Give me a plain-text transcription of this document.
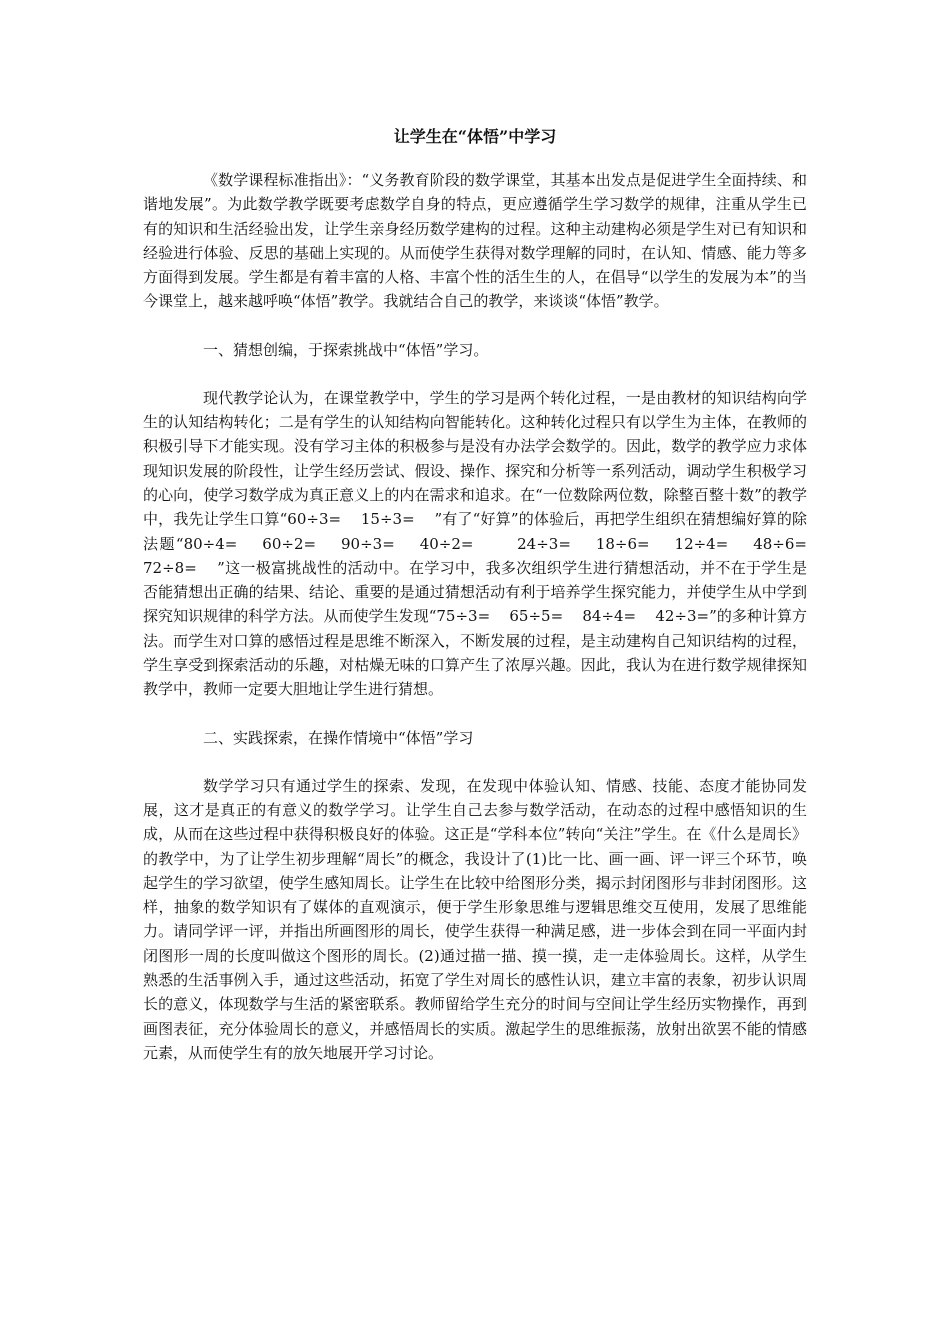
让学生在“体悟”中学习

《数学课程标准指出》：“义务教育阶段的数学课堂，其基本出发点是促进学生全面持续、和谐地发展”。为此数学教学既要考虑数学自身的特点，更应遵循学生学习数学的规律，注重从学生已有的知识和生活经验出发，让学生亲身经历数学建构的过程。这种主动建构必须是学生对已有知识和经验进行体验、反思的基础上实现的。从而使学生获得对数学理解的同时，在认知、情感、能力等多方面得到发展。学生都是有着丰富的人格、丰富个性的活生生的人，在倡导“以学生的发展为本”的当今课堂上，越来越呼唤“体悟”教学。我就结合自己的教学，来谈谈“体悟”教学。

一、猜想创编，于探索挑战中“体悟”学习。

现代教学论认为，在课堂教学中，学生的学习是两个转化过程，一是由教材的知识结构向学生的认知结构转化；二是有学生的认知结构向智能转化。这种转化过程只有以学生为主体，在教师的积极引导下才能实现。没有学习主体的积极参与是没有办法学会数学的。因此，数学的教学应力求体现知识发展的阶段性，让学生经历尝试、假设、操作、探究和分析等一系列活动，调动学生积极学习的心向，使学习数学成为真正意义上的内在需求和追求。在“一位数除两位数，除整百整十数”的教学中，我先让学生口算“60÷3=    15÷3=    ”有了“好算”的体验后，再把学生组织在猜想编好算的除法题“80÷4=    60÷2=    90÷3=    40÷2=       24÷3=    18÷6=    12÷4=    48÷6=    72÷8=    ”这一极富挑战性的活动中。在学习中，我多次组织学生进行猜想活动，并不在于学生是否能猜想出正确的结果、结论、重要的是通过猜想活动有利于培养学生探究能力，并使学生从中学到探究知识规律的科学方法。从而使学生发现“75÷3=    65÷5=    84÷4=    42÷3=”的多种计算方法。而学生对口算的感悟过程是思维不断深入，不断发展的过程，是主动建构自己知识结构的过程，学生享受到探索活动的乐趣，对枯燥无味的口算产生了浓厚兴趣。因此，我认为在进行数学规律探知教学中，教师一定要大胆地让学生进行猜想。

二、实践探索，在操作情境中“体悟”学习

数学学习只有通过学生的探索、发现，在发现中体验认知、情感、技能、态度才能协同发展，这才是真正的有意义的数学学习。让学生自己去参与数学活动，在动态的过程中感悟知识的生成，从而在这些过程中获得积极良好的体验。这正是“学科本位”转向“关注”学生。在《什么是周长》的教学中，为了让学生初步理解“周长”的概念，我设计了(1)比一比、画一画、评一评三个环节，唤起学生的学习欲望，使学生感知周长。让学生在比较中给图形分类，揭示封闭图形与非封闭图形。这样，抽象的数学知识有了媒体的直观演示，便于学生形象思维与逻辑思维交互使用，发展了思维能力。请同学评一评，并指出所画图形的周长，使学生获得一种满足感，进一步体会到在同一平面内封闭图形一周的长度叫做这个图形的周长。(2)通过描一描、摸一摸，走一走体验周长。这样，从学生熟悉的生活事例入手，通过这些活动，拓宽了学生对周长的感性认识，建立丰富的表象，初步认识周长的意义，体现数学与生活的紧密联系。教师留给学生充分的时间与空间让学生经历实物操作，再到画图表征，充分体验周长的意义，并感悟周长的实质。激起学生的思维振荡，放射出欲罢不能的情感元素，从而使学生有的放矢地展开学习讨论。
